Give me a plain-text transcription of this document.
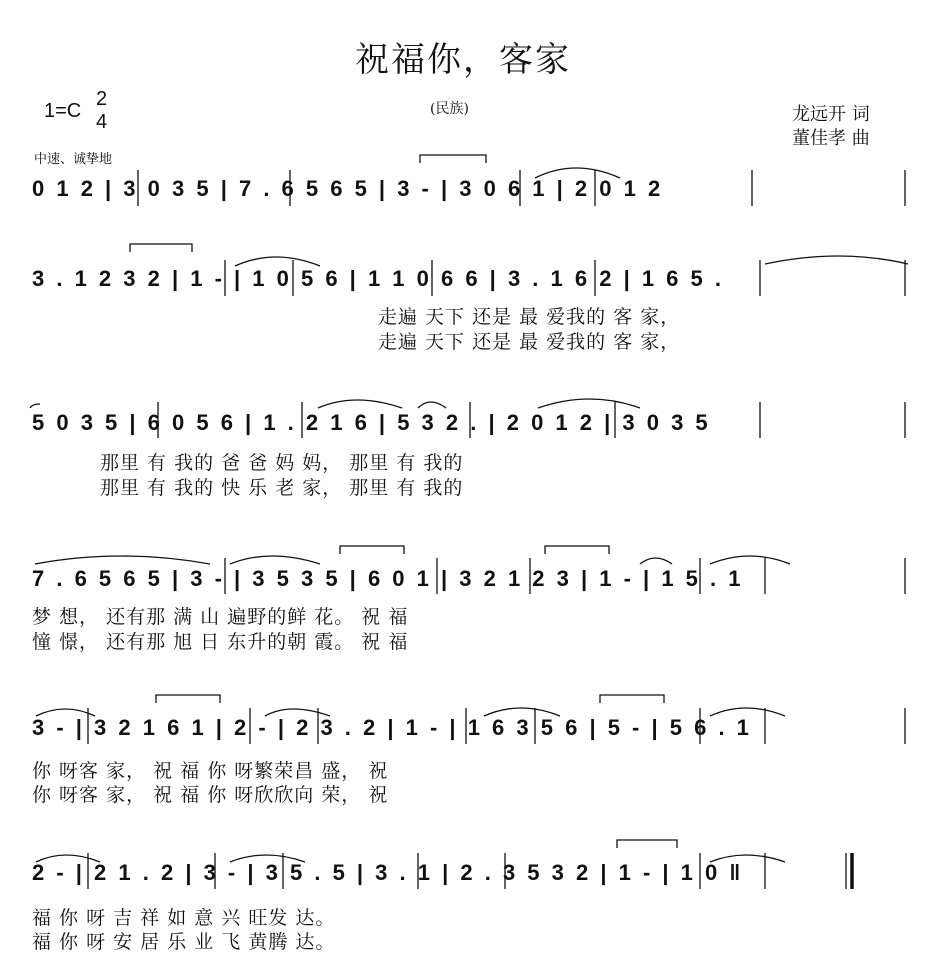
祝福你，客家
1=C
2
4
(民族)	龙远开 词
董佳孝 曲
中速、诚挚地
0 1 2 | 3 0 3 5 | 7 . 6 5 6 5 | 3 - | 3 0 6 1 | 2 0 1 2
3 . 1 2 3 2 | 1 - | 1 0 5 6 | 1 1 0 6 6 | 3 . 1 6 2 | 1 6 5 .
走遍 天下 还是 最 爱我的 客 家，
走遍 天下 还是 最 爱我的 客 家，
5 0 3 5 | 6 0 5 6 | 1 . 2 1 6 | 5 3 2 . | 2 0 1 2 | 3 0 3 5
那里 有 我的 爸 爸 妈 妈， 那里 有 我的
那里 有 我的 快 乐 老 家， 那里 有 我的
7 . 6 5 6 5 | 3 - | 3 5 3 5 | 6 0 1 | 3 2 1 2 3 | 1 - | 1 5 . 1
梦 想， 还有那 满 山 遍野的鲜 花。 祝 福
憧 憬， 还有那 旭 日 东升的朝 霞。 祝 福
3 - | 3 2 1 6 1 | 2 - | 2 3 . 2 | 1 - | 1 6 3 5 6 | 5 - | 5 6 . 1
你 呀客 家， 祝 福 你 呀繁荣昌 盛， 祝
你 呀客 家， 祝 福 你 呀欣欣向 荣， 祝
2 - | 2 1 . 2 | 3 - | 3 5 . 5 | 3 . 1 | 2 . 3 5 3 2 | 1 - | 1 0 ‖
福 你 呀 吉 祥 如 意 兴 旺发 达。
福 你 呀 安 居 乐 业 飞 黄腾 达。
